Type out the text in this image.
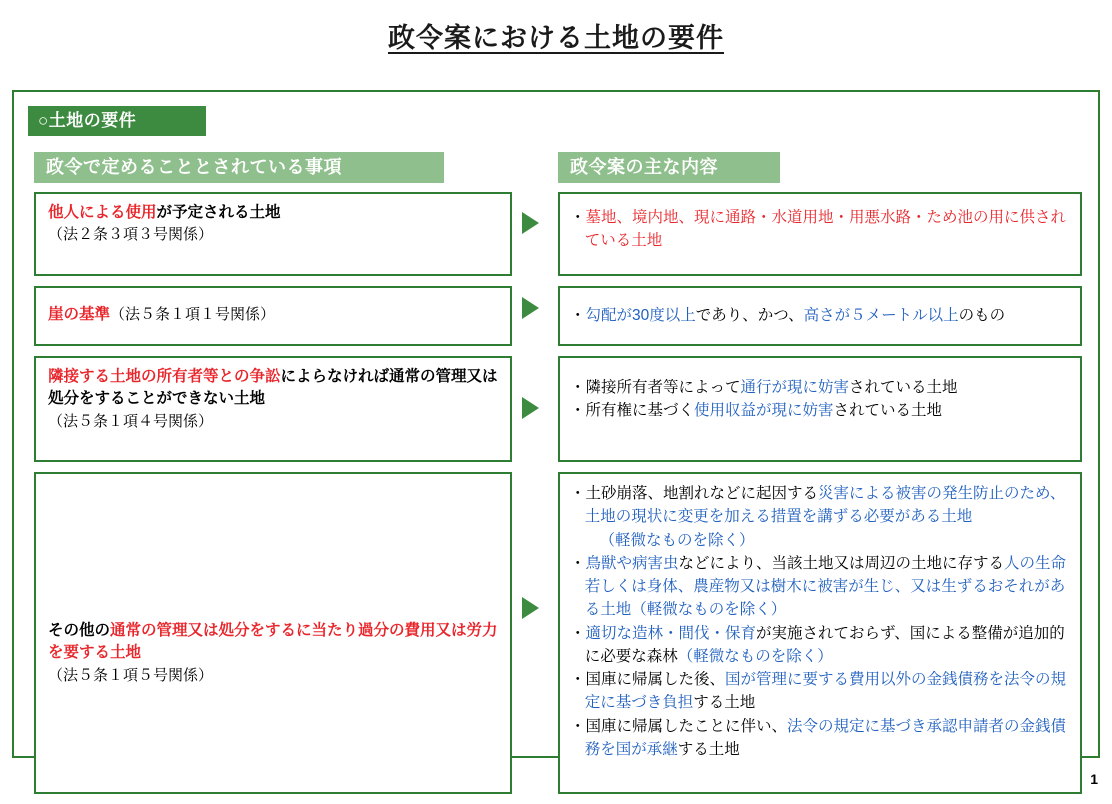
政令案における土地の要件
○土地の要件
政令で定めることとされている事項	政令案の主な内容
他人による使用が予定される土地
（法２条３項３号関係）
崖の基準（法５条１項１号関係）
隣接する土地の所有者等との争訟によらなければ通常の管理又は処分をすることができない土地
（法５条１項４号関係）
その他の通常の管理又は処分をするに当たり過分の費用又は労力を要する土地
（法５条１項５号関係）
・墓地、境内地、現に通路・水道用地・用悪水路・ため池の用に供されている土地
・勾配が30度以上であり、かつ、高さが５メートル以上のもの
・隣接所有者等によって通行が現に妨害されている土地
・所有権に基づく使用収益が現に妨害されている土地
・土砂崩落、地割れなどに起因する災害による被害の発生防止のため、土地の現状に変更を加える措置を講ずる必要がある土地
（軽微なものを除く）
・鳥獣や病害虫などにより、当該土地又は周辺の土地に存する人の生命若しくは身体、農産物又は樹木に被害が生じ、又は生ずるおそれがある土地（軽微なものを除く）
・適切な造林・間伐・保育が実施されておらず、国による整備が追加的に必要な森林（軽微なものを除く）
・国庫に帰属した後、国が管理に要する費用以外の金銭債務を法令の規定に基づき負担する土地
・国庫に帰属したことに伴い、法令の規定に基づき承認申請者の金銭債務を国が承継する土地
1
